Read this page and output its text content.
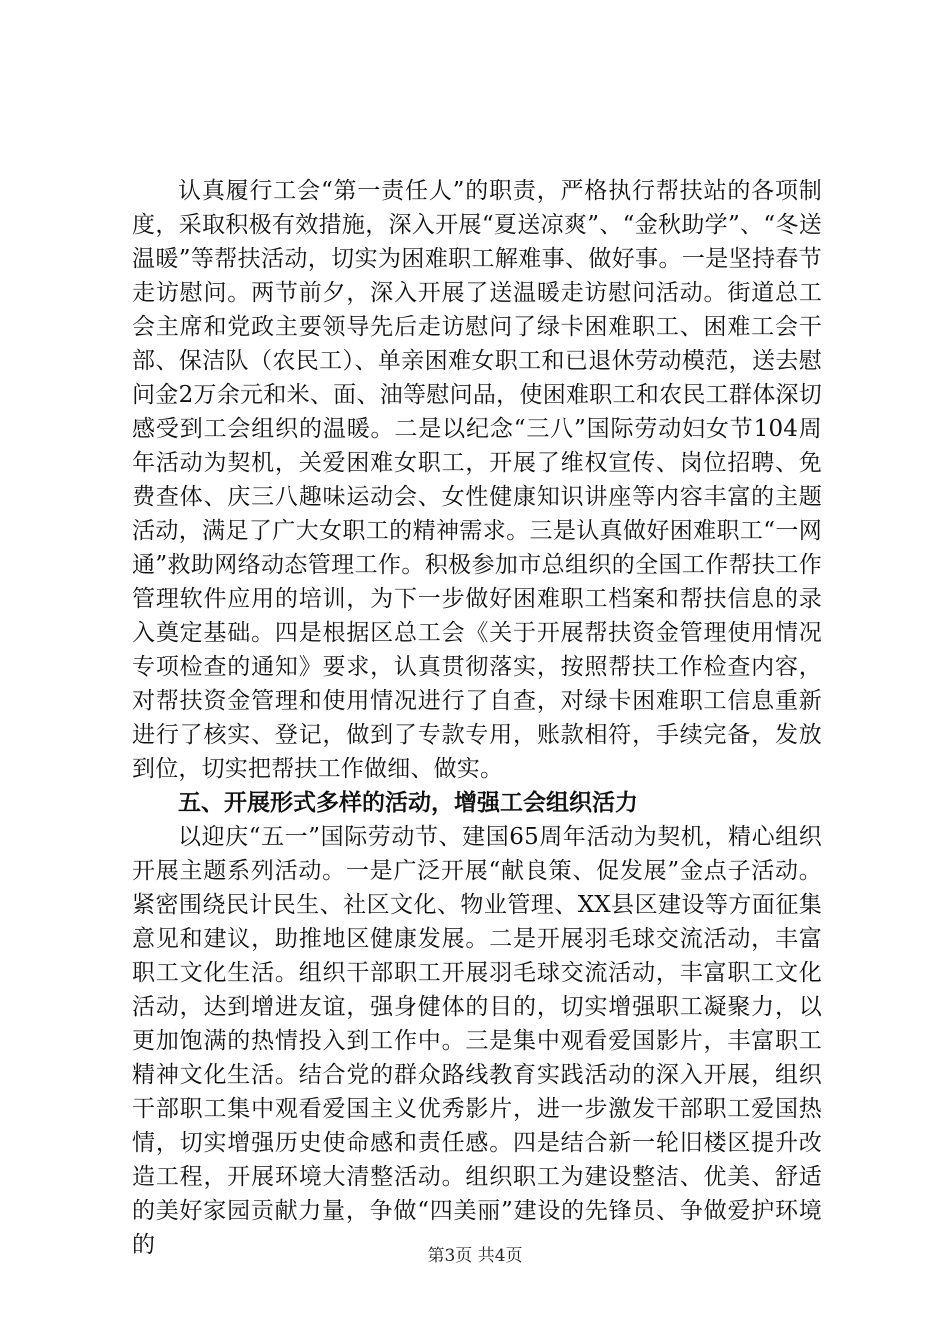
认真履行工会“第一责任人”的职责，严格执行帮扶站的各项制度，采取积极有效措施，深入开展“夏送凉爽”、“金秋助学”、“冬送温暖”等帮扶活动，切实为困难职工解难事、做好事。一是坚持春节走访慰问。两节前夕，深入开展了送温暖走访慰问活动。街道总工会主席和党政主要领导先后走访慰问了绿卡困难职工、困难工会干部、保洁队（农民工）、单亲困难女职工和已退休劳动模范，送去慰问金2万余元和米、面、油等慰问品，使困难职工和农民工群体深切感受到工会组织的温暖。二是以纪念“三八”国际劳动妇女节104周年活动为契机，关爱困难女职工，开展了维权宣传、岗位招聘、免费查体、庆三八趣味运动会、女性健康知识讲座等内容丰富的主题活动，满足了广大女职工的精神需求。三是认真做好困难职工“一网通”救助网络动态管理工作。积极参加市总组织的全国工作帮扶工作管理软件应用的培训，为下一步做好困难职工档案和帮扶信息的录入奠定基础。四是根据区总工会《关于开展帮扶资金管理使用情况专项检查的通知》要求，认真贯彻落实，按照帮扶工作检查内容，对帮扶资金管理和使用情况进行了自查，对绿卡困难职工信息重新进行了核实、登记，做到了专款专用，账款相符，手续完备，发放到位，切实把帮扶工作做细、做实。

五、开展形式多样的活动，增强工会组织活力

以迎庆“五一”国际劳动节、建国65周年活动为契机，精心组织开展主题系列活动。一是广泛开展“献良策、促发展”金点子活动。紧密围绕民计民生、社区文化、物业管理、XX县区建设等方面征集意见和建议，助推地区健康发展。二是开展羽毛球交流活动，丰富职工文化生活。组织干部职工开展羽毛球交流活动，丰富职工文化活动，达到增进友谊，强身健体的目的，切实增强职工凝聚力，以更加饱满的热情投入到工作中。三是集中观看爱国影片，丰富职工精神文化生活。结合党的群众路线教育实践活动的深入开展，组织干部职工集中观看爱国主义优秀影片，进一步激发干部职工爱国热情，切实增强历史使命感和责任感。四是结合新一轮旧楼区提升改造工程，开展环境大清整活动。组织职工为建设整洁、优美、舒适的美好家园贡献力量，争做“四美丽”建设的先锋员、争做爱护环境的	第3页 共4页
